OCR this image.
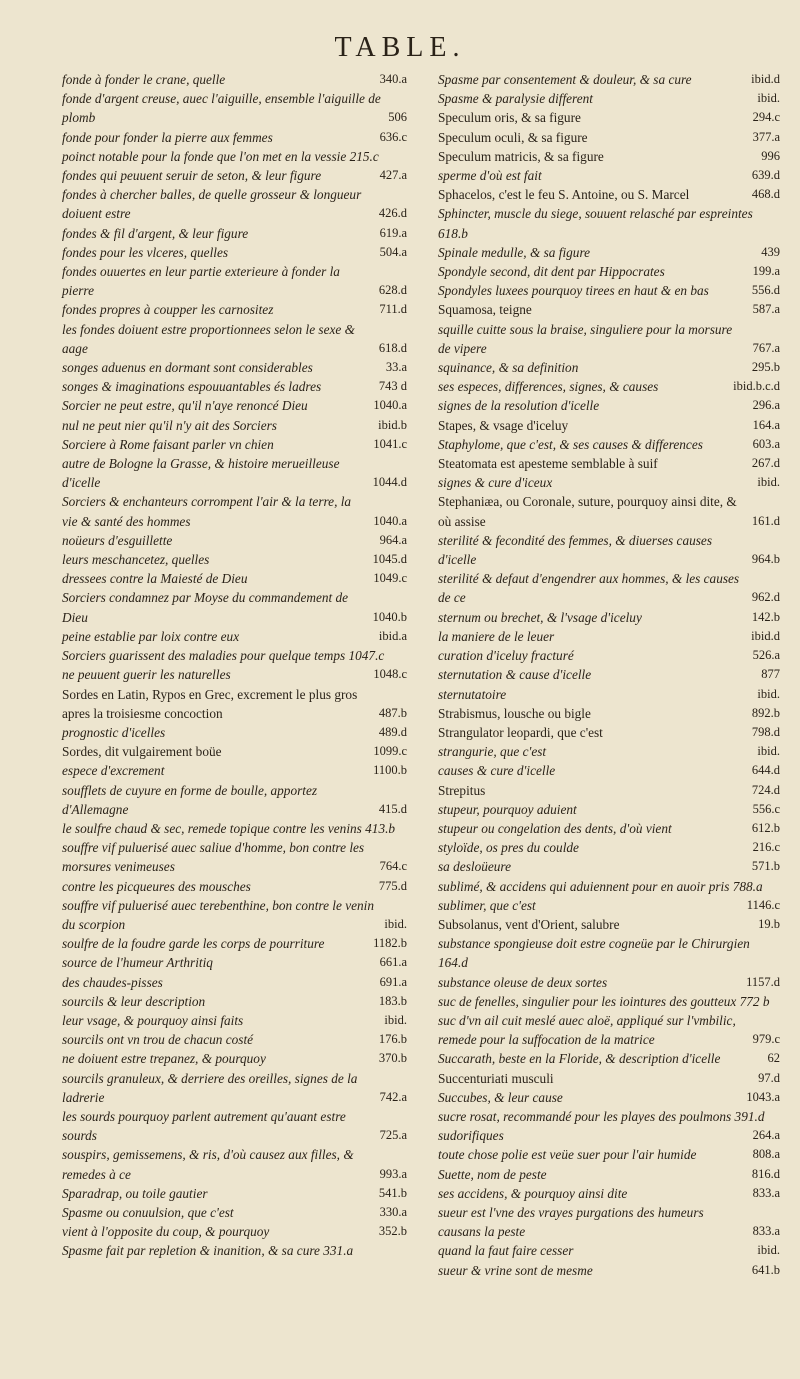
TABLE.
fonde à fonder le crane, quelle	340.a
fonde d'argent creuse, auec l'aiguille, ensemble l'aiguille de plomb	506
fonde pour fonder la pierre aux femmes	636.c
poinct notable pour la fonde que l'on met en la vessie 215.c
fondes qui peuuent seruir de seton, & leur figure	427.a
fondes à chercher balles, de quelle grosseur & longueur doiuent estre	426.d
fondes & fil d'argent, & leur figure	619.a
fondes pour les vlceres, quelles	504.a
fondes ouuertes en leur partie exterieure à fonder la pierre	628.d
fondes propres à coupper les carnositez	711.d
les fondes doiuent estre proportionnees selon le sexe & aage	618.d
songes aduenus en dormant sont considerables	33.a
songes & imaginations espouuantables és ladres	743 d
Sorcier ne peut estre, qu'il n'aye renoncé Dieu	1040.a
nul ne peut nier qu'il n'y ait des Sorciers	ibid.b
Sorciere à Rome faisant parler vn chien	1041.c
autre de Bologne la Grasse, & histoire merueilleuse d'icelle	1044.d
Sorciers & enchanteurs corrompent l'air & la terre, la vie & santé des hommes	1040.a
noüeurs d'esguillette	964.a
leurs meschancetez, quelles	1045.d
dressees contre la Maiesté de Dieu	1049.c
Sorciers condamnez par Moyse du commandement de Dieu	1040.b
peine establie par loix contre eux	ibid.a
Sorciers guarissent des maladies pour quelque temps 1047.c
ne peuuent guerir les naturelles	1048.c
Sordes en Latin, Rypos en Grec, excrement le plus gros apres la troisiesme concoction	487.b
prognostic d'icelles	489.d
Sordes, dit vulgairement boüe	1099.c
espece d'excrement	1100.b
soufflets de cuyure en forme de boulle, apportez d'Allemagne	415.d
le soulfre chaud & sec, remede topique contre les venins 413.b
souffre vif puluerisé auec saliue d'homme, bon contre les morsures venimeuses	764.c
contre les picqueures des mousches	775.d
souffre vif puluerisé auec terebenthine, bon contre le venin du scorpion	ibid.
soulfre de la foudre garde les corps de pourriture	1182.b
source de l'humeur Arthritiq	661.a
des chaudes-pisses	691.a
sourcils & leur description	183.b
leur vsage, & pourquoy ainsi faits	ibid.
sourcils ont vn trou de chacun costé	176.b
ne doiuent estre trepanez, & pourquoy	370.b
sourcils granuleux, & derriere des oreilles, signes de la ladrerie	742.a
les sourds pourquoy parlent autrement qu'auant estre sourds	725.a
souspirs, gemissemens, & ris, d'où causez aux filles, & remedes à ce	993.a
Sparadrap, ou toile gautier	541.b
Spasme ou conuulsion, que c'est	330.a
vient à l'opposite du coup, & pourquoy	352.b
Spasme fait par repletion & inanition, & sa cure 331.a
Spasme par consentement & douleur, & sa cure	ibid.d
Spasme & paralysie different	ibid.
Speculum oris, & sa figure	294.c
Speculum oculi, & sa figure	377.a
Speculum matricis, & sa figure	996
sperme d'où est fait	639.d
Sphacelos, c'est le feu S. Antoine, ou S. Marcel	468.d
Sphincter, muscle du siege, souuent relasché par espreintes 618.b
Spinale medulle, & sa figure	439
Spondyle second, dit dent par Hippocrates	199.a
Spondyles luxees pourquoy tirees en haut & en bas	556.d
Squamosa, teigne	587.a
squille cuitte sous la braise, singuliere pour la morsure de vipere	767.a
squinance, & sa definition	295.b
ses especes, differences, signes, & causes	ibid.b.c.d
signes de la resolution d'icelle	296.a
Stapes, & vsage d'iceluy	164.a
Staphylome, que c'est, & ses causes & differences	603.a
Steatomata est apesteme semblable à suif	267.d
signes & cure d'iceux	ibid.
Stephaniæa, ou Coronale, suture, pourquoy ainsi dite, & où assise	161.d
sterilité & fecondité des femmes, & diuerses causes d'icelle	964.b
sterilité & defaut d'engendrer aux hommes, & les causes de ce	962.d
sternum ou brechet, & l'vsage d'iceluy	142.b
la maniere de le leuer	ibid.d
curation d'iceluy fracturé	526.a
sternutation & cause d'icelle	877
sternutatoire	ibid.
Strabismus, lousche ou bigle	892.b
Strangulator leopardi, que c'est	798.d
strangurie, que c'est	ibid.
causes & cure d'icelle	644.d
Strepitus	724.d
stupeur, pourquoy aduient	556.c
stupeur ou congelation des dents, d'où vient	612.b
styloïde, os pres du coulde	216.c
sa desloüeure	571.b
sublimé, & accidens qui aduiennent pour en auoir pris 788.a
sublimer, que c'est	1146.c
Subsolanus, vent d'Orient, salubre	19.b
substance spongieuse doit estre cogneüe par le Chirurgien 164.d
substance oleuse de deux sortes	1157.d
suc de fenelles, singulier pour les iointures des goutteux 772 b
suc d'vn ail cuit meslé auec aloë, appliqué sur l'vmbilic, remede pour la suffocation de la matrice	979.c
Succarath, beste en la Floride, & description d'icelle	62
Succenturiati musculi	97.d
Succubes, & leur cause	1043.a
sucre rosat, recommandé pour les playes des poulmons 391.d
sudorifiques	264.a
toute chose polie est veüe suer pour l'air humide	808.a
Suette, nom de peste	816.d
ses accidens, & pourquoy ainsi dite	833.a
sueur est l'vne des vrayes purgations des humeurs causans la peste	833.a
quand la faut faire cesser	ibid.
sueur & vrine sont de mesme	641.b
